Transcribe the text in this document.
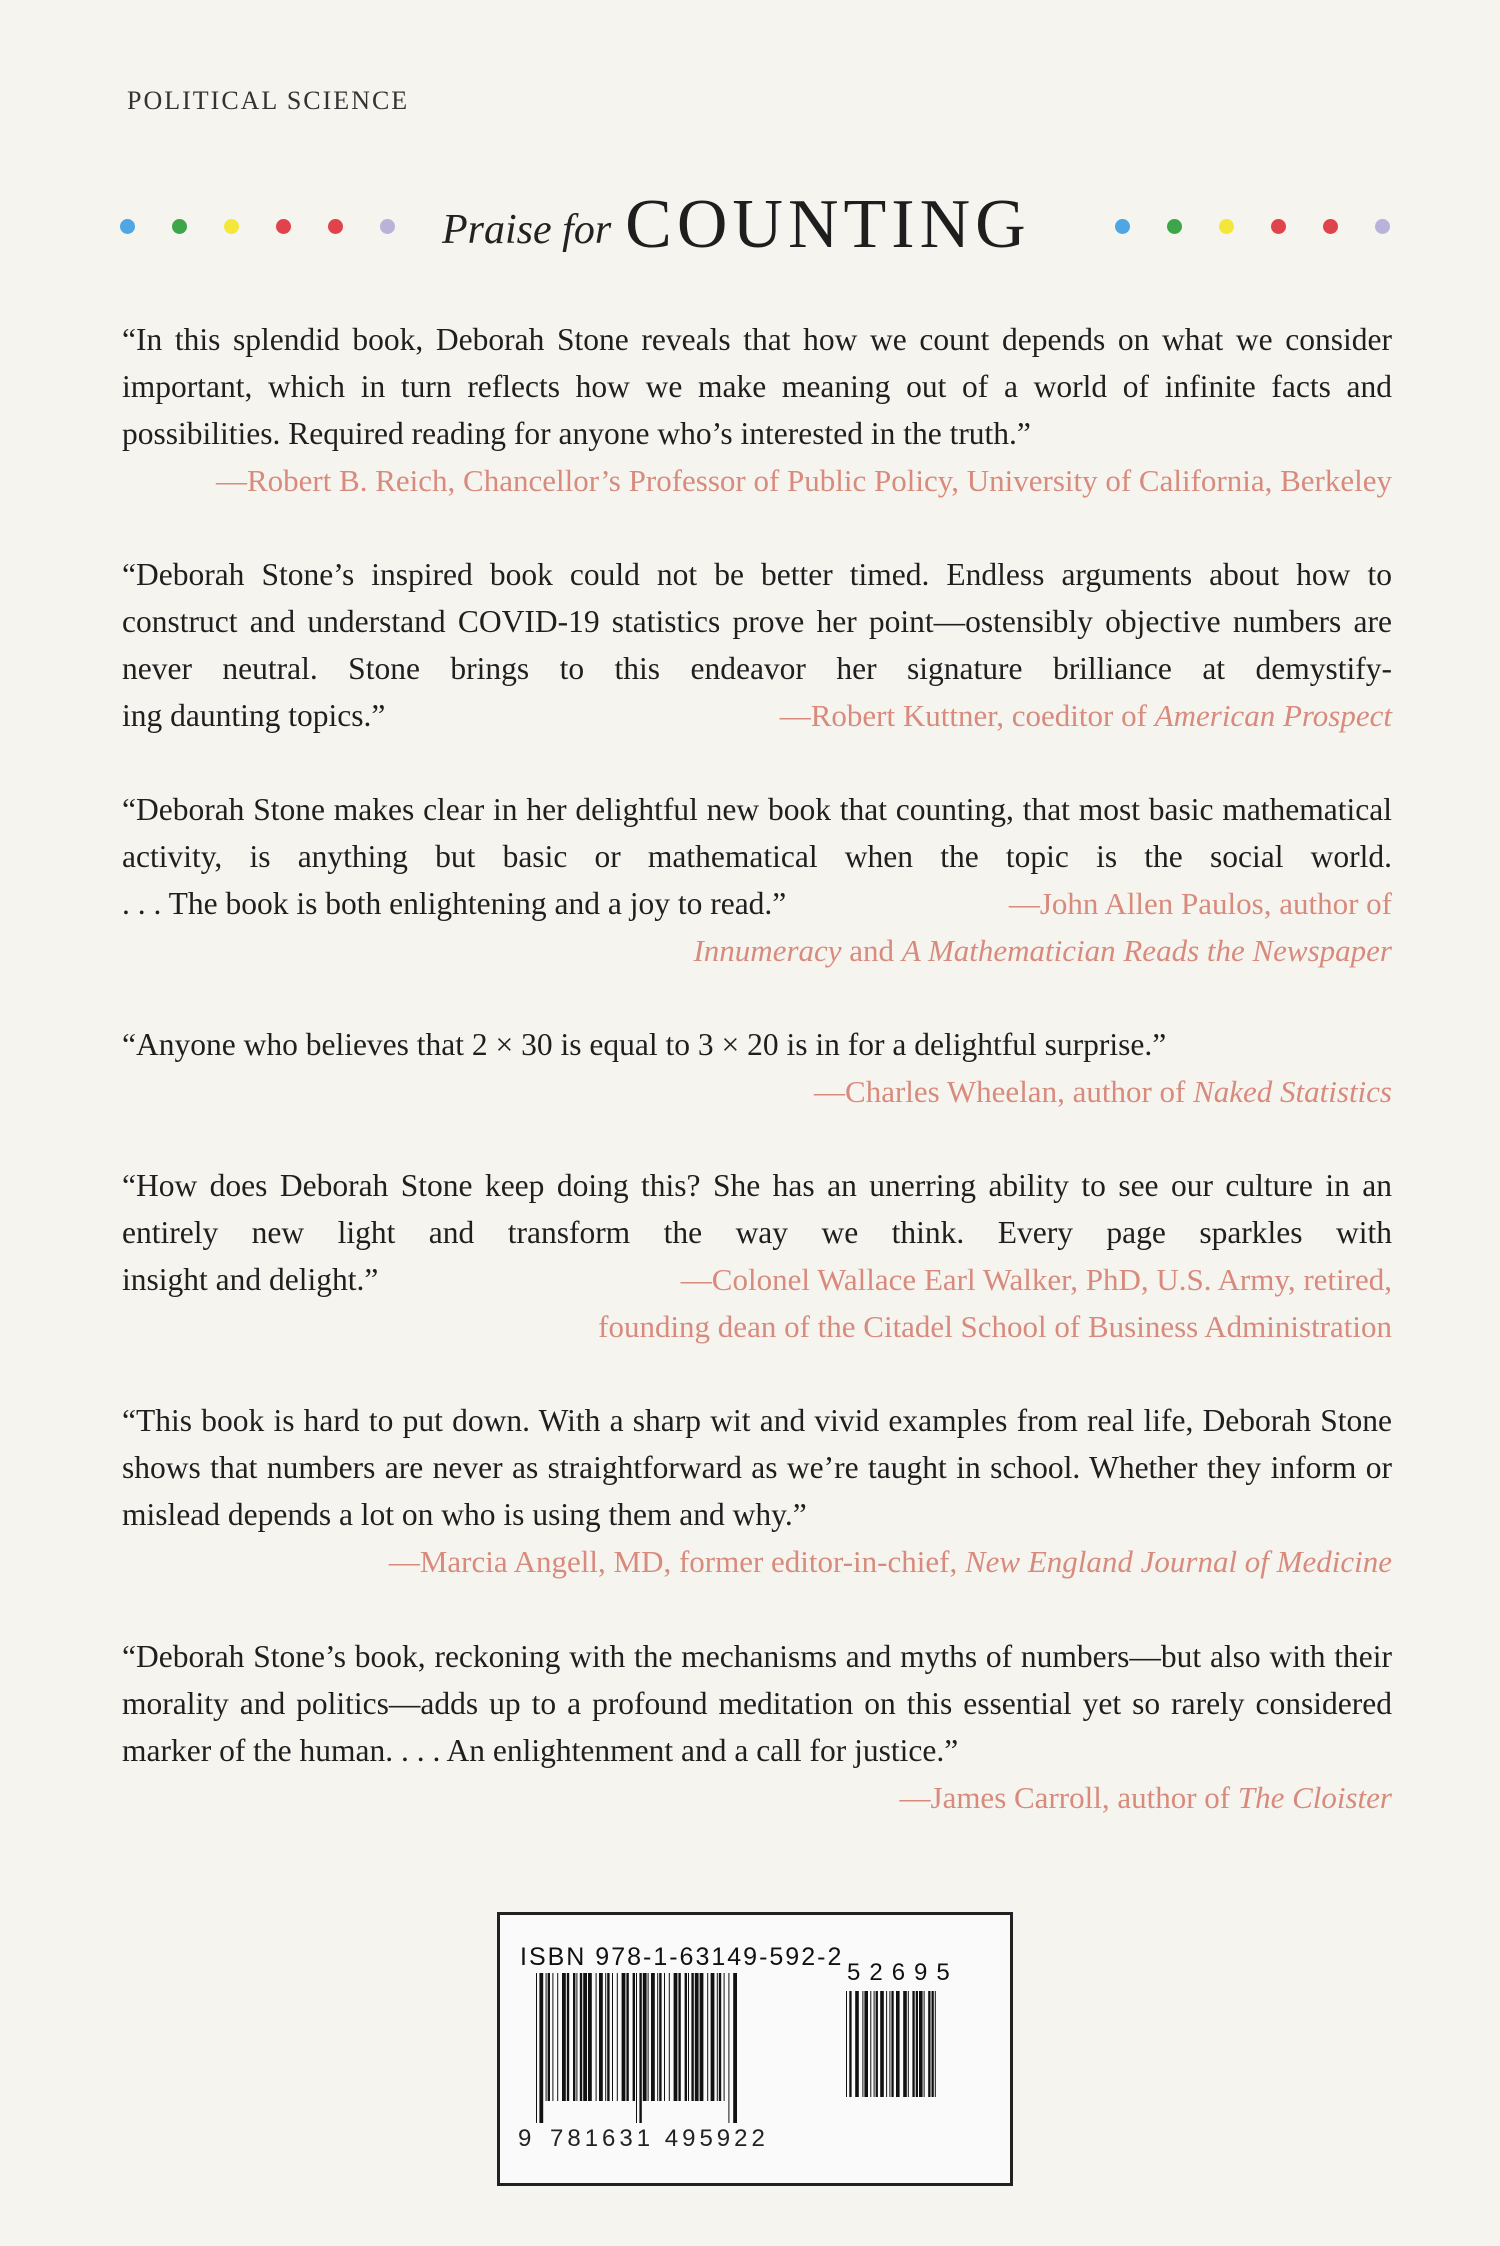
POLITICAL SCIENCE
Praise for COUNTING

“In this splendid book, Deborah Stone reveals that how we count depends on what we consider important, which in turn reflects how we make meaning out of a world of infinite facts and possibilities. Required reading for anyone who’s interested in the truth.”

—Robert B. Reich, Chancellor’s Professor of Public Policy, University of California, Berkeley

“Deborah Stone’s inspired book could not be better timed. Endless arguments about how to construct and understand COVID-19 statistics prove her point—ostensibly objective numbers are never neutral. Stone brings to this endeavor her signature brilliance at demystify-

ing daunting topics.”	—Robert Kuttner, coeditor of American Prospect

“Deborah Stone makes clear in her delightful new book that counting, that most basic mathematical activity, is anything but basic or mathematical when the topic is the social world.

. . . The book is both enlightening and a joy to read.”	—John Allen Paulos, author of
Innumeracy and A Mathematician Reads the Newspaper

“Anyone who believes that 2 × 30 is equal to 3 × 20 is in for a delightful surprise.”

—Charles Wheelan, author of Naked Statistics

“How does Deborah Stone keep doing this? She has an unerring ability to see our culture in an entirely new light and transform the way we think. Every page sparkles with

insight and delight.”	—Colonel Wallace Earl Walker, PhD, U.S. Army, retired,
founding dean of the Citadel School of Business Administration

“This book is hard to put down. With a sharp wit and vivid examples from real life, Deborah Stone shows that numbers are never as straightforward as we’re taught in school. Whether they inform or mislead depends a lot on who is using them and why.”

—Marcia Angell, MD, former editor-in-chief, New England Journal of Medicine

“Deborah Stone’s book, reckoning with the mechanisms and myths of numbers—but also with their morality and politics—adds up to a profound meditation on this essential yet so rarely considered marker of the human. . . . An enlightenment and a call for justice.”

—James Carroll, author of The Cloister
ISBN 978-1-63149-592-2
52695
9 781631 495922
